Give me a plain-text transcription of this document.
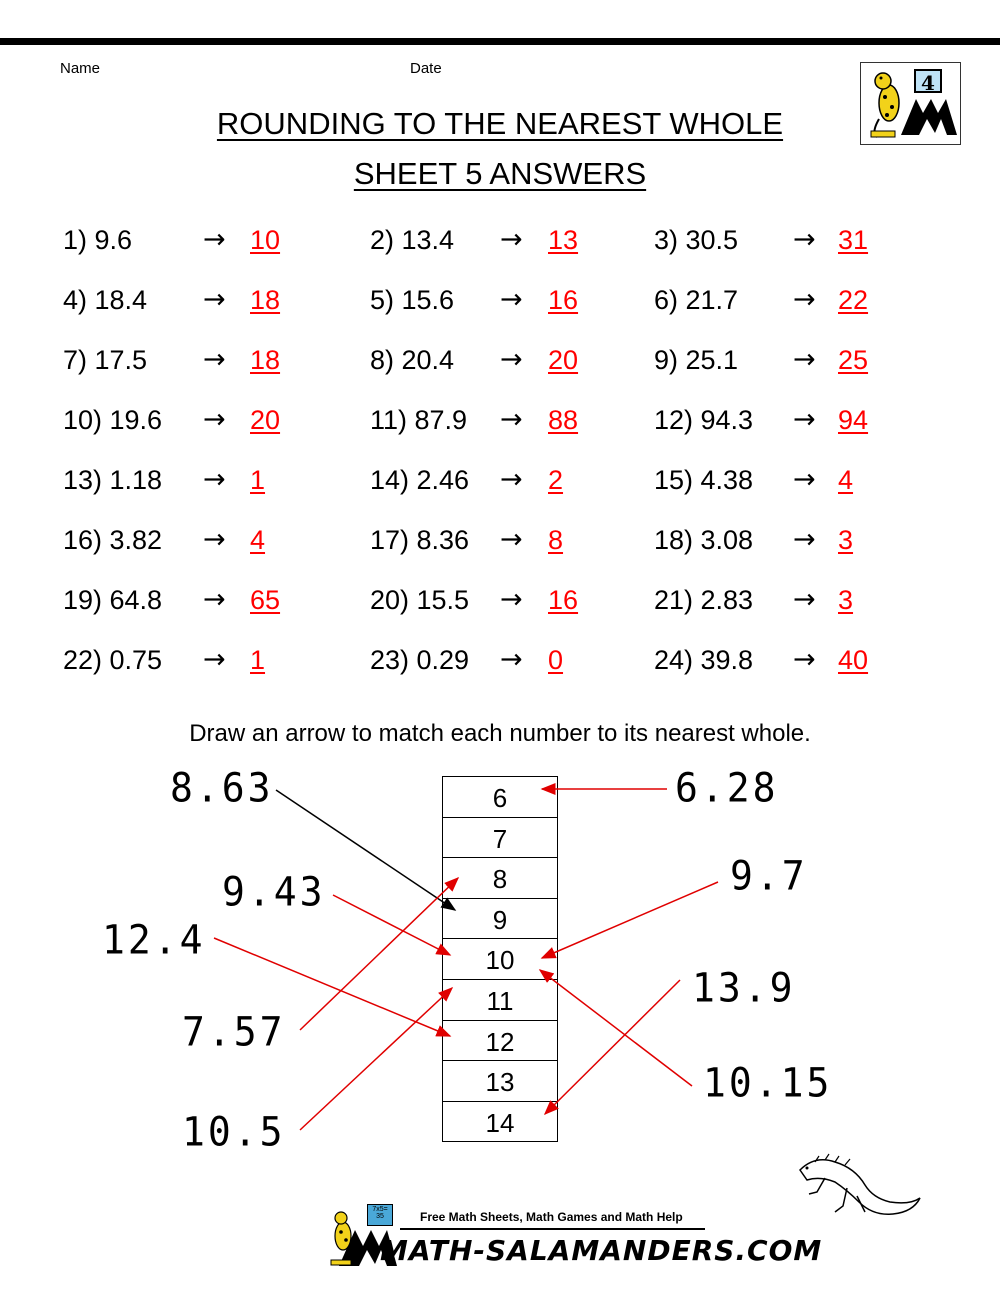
Name	Date
ROUNDING TO THE NEAREST WHOLE
SHEET 5 ANSWERS
4
1) 9.6	→ 10	2) 13.4 → 13	3) 30.5 → 31
4) 18.4 → 18	5) 15.6 → 16	6) 21.7 → 22
7) 17.5 → 18	8) 20.4 → 20	9) 25.1 → 25
10) 19.6 → 20	11) 87.9 → 88	12) 94.3 → 94
13) 1.18 → 1	14) 2.46 → 2	15) 4.38 → 4
16) 3.82 → 4	17) 8.36 → 8	18) 3.08 → 3
19) 64.8 → 65	20) 15.5 → 16	21) 2.83 → 3
22) 0.75 → 1	23) 0.29 → 0	24) 39.8 → 40
Draw an arrow to match each number to its nearest whole.
6
7
8
9
10
11
12
13
14
8.63
9.43
12.4
7.57
10.5
6.28
9.7
13.9
10.15
7x5= 35	Free Math Sheets, Math Games and Math Help
MATH-SALAMANDERS.COM
